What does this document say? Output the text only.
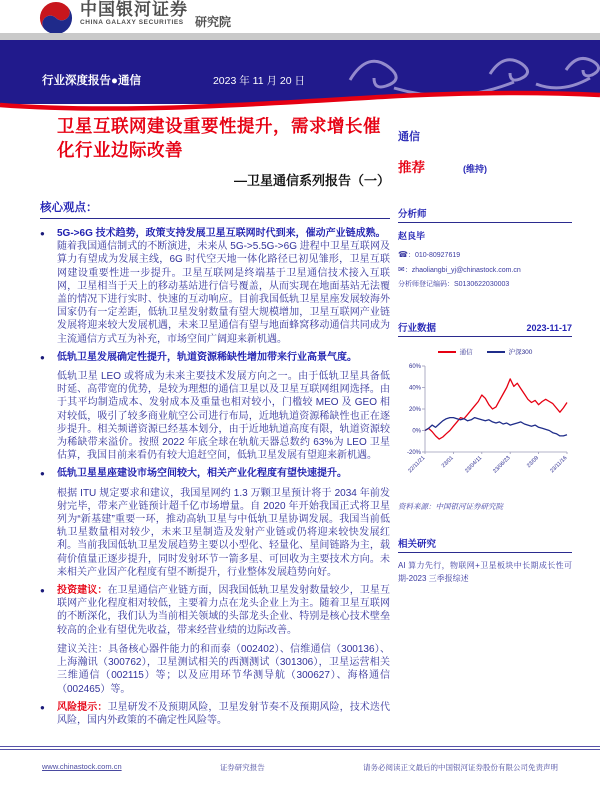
中国银河证券
CHINA GALAXY SECURITIES 研究院
行业深度报告●通信	2023 年 11 月 20 日
卫星互联网建设重要性提升，需求增长催化行业边际改善
—卫星通信系列报告（一）
核心观点：
●	5G->6G 技术趋势，政策支持发展卫星互联网时代到来，催动产业链成熟。
随着我国通信制式的不断演进，未来从 5G->5.5G->6G 进程中卫星互联网及算力有望成为发展主线，6G 时代空天地一体化路径已初见雏形，卫星互联网建设重要性进一步提升。卫星互联网是终端基于卫星通信技术接入互联网，卫星相当于天上的移动基站进行信号覆盖，从而实现在地面基站无法覆盖的情况下进行实时、快速的互动响应。目前我国低轨卫星星座发展较海外国家仍有一定差距，低轨卫星发射数量有望大规模增加，卫星互联网产业链发展将迎来较大发展机遇，未来卫星通信有望与地面蜂窝移动通信共同成为主流通信方式互为补充，市场空间广阔迎来新机遇。
●	低轨卫星发展确定性提升，轨道资源稀缺性增加带来行业高景气度。
低轨卫星 LEO 或将成为未来主要技术发展方向之一。由于低轨卫星具备低时延、高带宽的优势，是较为理想的通信卫星以及卫星互联网组网选择。由于其平均制造成本、发射成本及重量也相对较小，门槛较 MEO 及 GEO 相对较低，吸引了较多商业航空公司进行布局，近地轨道资源稀缺性也正在逐步提升。相关频谱资源已经基本划分，由于近地轨道高度有限，轨道资源较为稀缺带来溢价。按照 2022 年底全球在轨航天器总数约 63%为 LEO 卫星估算，我国目前来看仍有较大追赶空间，低轨卫星发展有望迎来新机遇。
●	低轨卫星星座建设市场空间较大，相关产业化程度有望快速提升。
根据 ITU 规定要求和建议，我国星网约 1.3 万颗卫星预计将于 2034 年前发射完毕，带来产业链预计超千亿市场增量。自 2020 年开始我国正式将卫星列为“新基建”重要一环，推动高轨卫星与中低轨卫星协调发展。我国当前低轨卫星数量相对较少，未来卫星制造及发射产业链或仍将迎来较快发展红利。当前我国低轨卫星发展趋势主要以小型化、轻量化、星间链路为主，载荷价值量正逐步提升，同时发射环节一箭多星、可回收为主要技术方向。未来相关产业因产化程度有望不断提升，行业整体发展趋势向好。
●	投资建议：在卫星通信产业链方面，因我国低轨卫星发射数量较少，卫星互联网产业化程度相对较低，主要着力点在龙头企业上为主。随着卫星互联网的不断深化，我们认为当前相关领域的头部龙头企业、特别是核心技术壁垒较高的企业有望优先收益，带来经营业绩的边际改善。
建议关注：具备核心器件能力的和而泰（002402）、信维通信（300136）、上海瀚讯（300762），卫星测试相关的西测测试（301306），卫星运营相关三维通信（002115）等；以及应用环节华测导航（300627）、海格通信（002465）等。
●	风险提示：卫星研发不及预期风险，卫星发射节奏不及预期风险，技术迭代风险，国内外政策的不确定性风险等。
通信
推荐	(维持)
分析师
赵良毕
☎：010-80927619
✉：zhaoliangbi_yj@chinastock.com.cn
分析师登记编码：S0130622030003
行业数据	2023-11-17
通信	沪深300
60%
40%
20%
0%
-20%
22/11/21	23/01 23/04/11 23/06/23	23/09 23/11/16
资料来源：中国银河证券研究院
相关研究
AI 算力先行，物联网+卫星板块中长期成长性可期-2023 三季报综述
www.chinastock.com.cn	证券研究报告	请务必阅读正文最后的中国银河证券股份有限公司免责声明
